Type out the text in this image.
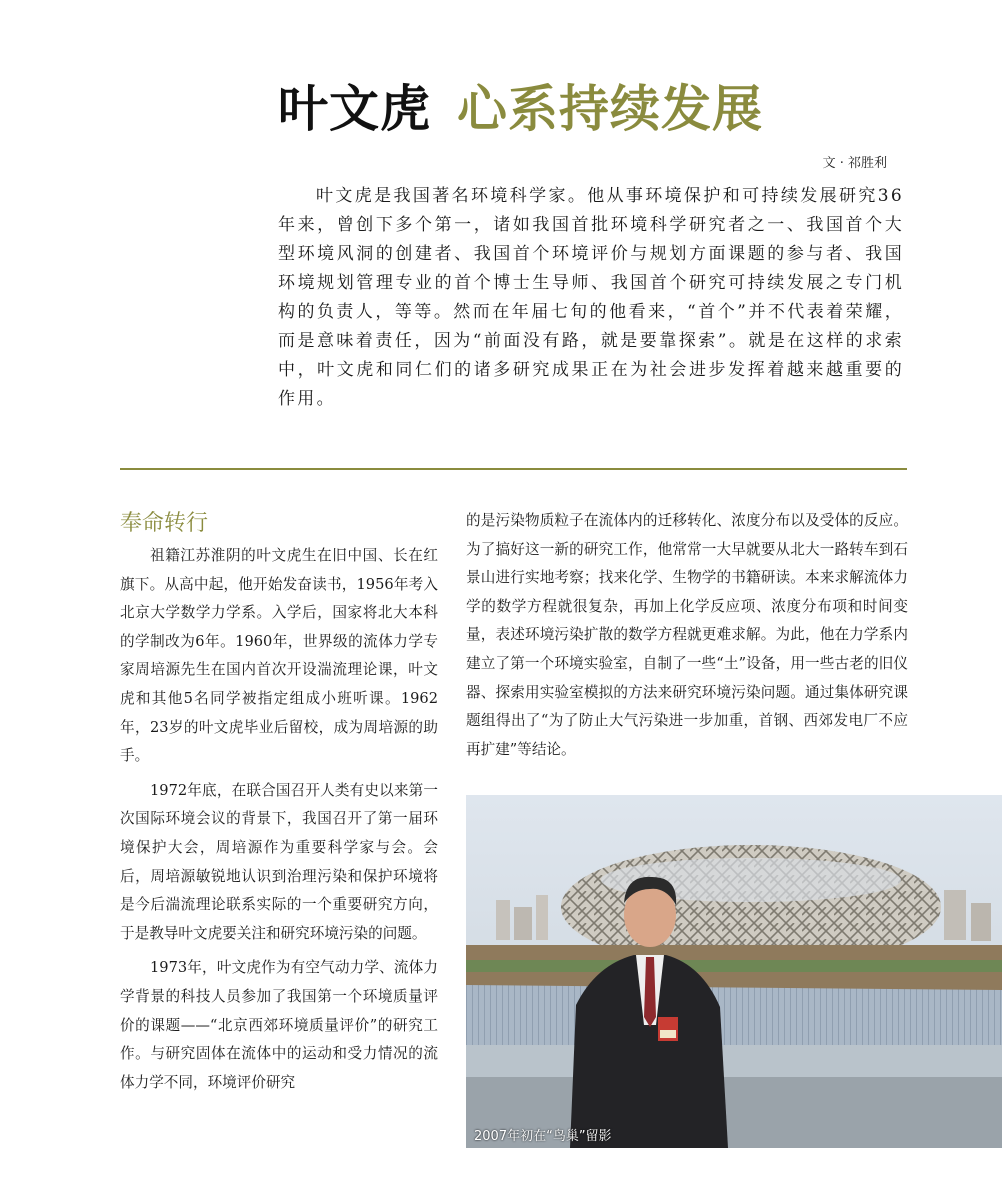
叶文虎 心系持续发展
文 · 祁胜利

叶文虎是我国著名环境科学家。他从事环境保护和可持续发展研究36年来，曾创下多个第一，诸如我国首批环境科学研究者之一、我国首个大型环境风洞的创建者、我国首个环境评价与规划方面课题的参与者、我国环境规划管理专业的首个博士生导师、我国首个研究可持续发展之专门机构的负责人，等等。然而在年届七旬的他看来，“首个”并不代表着荣耀，而是意味着责任，因为“前面没有路，就是要靠探索”。就是在这样的求索中，叶文虎和同仁们的诸多研究成果正在为社会进步发挥着越来越重要的作用。

奉命转行

祖籍江苏淮阴的叶文虎生在旧中国、长在红旗下。从高中起，他开始发奋读书，1956年考入北京大学数学力学系。入学后，国家将北大本科的学制改为6年。1960年，世界级的流体力学专家周培源先生在国内首次开设湍流理论课，叶文虎和其他5名同学被指定组成小班听课。1962年，23岁的叶文虎毕业后留校，成为周培源的助手。

1972年底，在联合国召开人类有史以来第一次国际环境会议的背景下，我国召开了第一届环境保护大会，周培源作为重要科学家与会。会后，周培源敏锐地认识到治理污染和保护环境将是今后湍流理论联系实际的一个重要研究方向，于是教导叶文虎要关注和研究环境污染的问题。

1973年，叶文虎作为有空气动力学、流体力学背景的科技人员参加了我国第一个环境质量评价的课题——“北京西郊环境质量评价”的研究工作。与研究固体在流体中的运动和受力情况的流体力学不同，环境评价研究

的是污染物质粒子在流体内的迁移转化、浓度分布以及受体的反应。为了搞好这一新的研究工作，他常常一大早就要从北大一路转车到石景山进行实地考察；找来化学、生物学的书籍研读。本来求解流体力学的数学方程就很复杂，再加上化学反应项、浓度分布项和时间变量，表述环境污染扩散的数学方程就更难求解。为此，他在力学系内建立了第一个环境实验室，自制了一些“土”设备，用一些古老的旧仪器、探索用实验室模拟的方法来研究环境污染问题。通过集体研究课题组得出了“为了防止大气污染进一步加重，首钢、西郊发电厂不应再扩建”等结论。

2007年初在“鸟巢”留影
